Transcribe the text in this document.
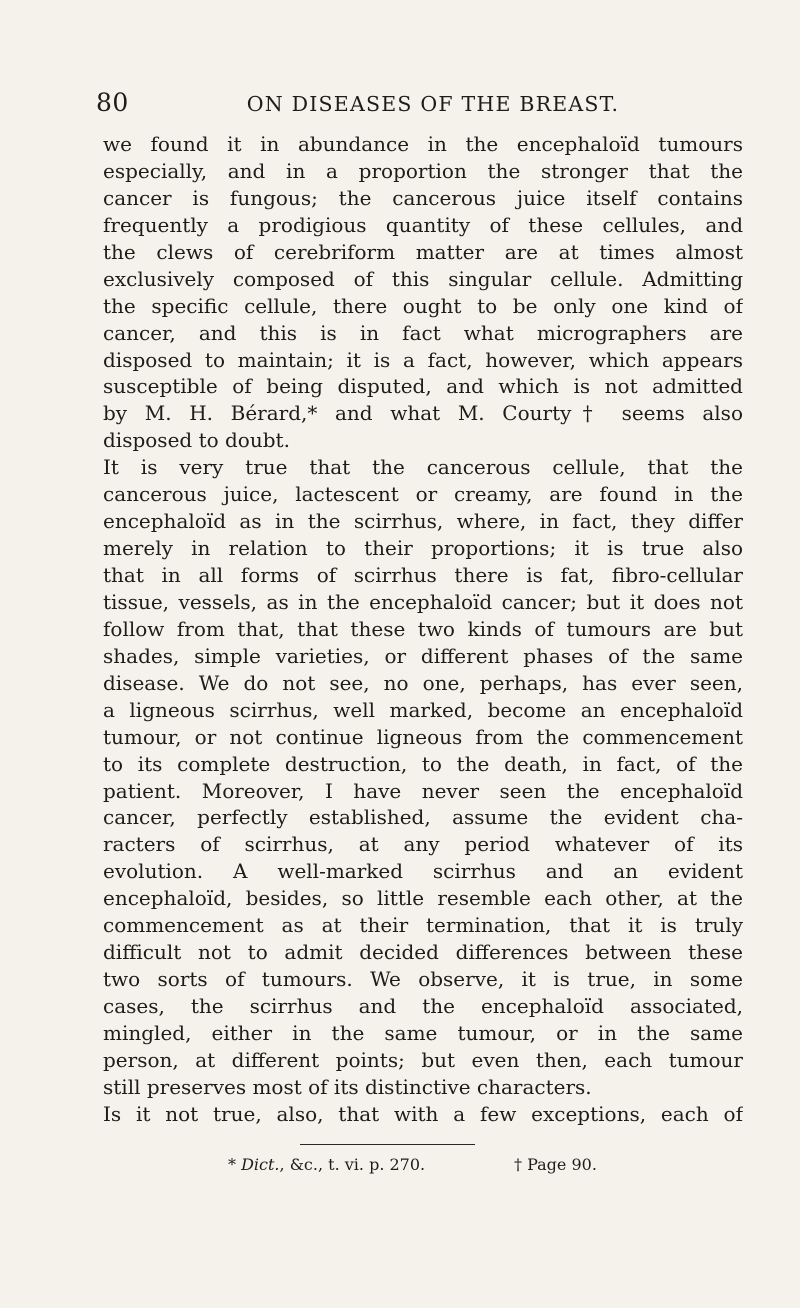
80	ON DISEASES OF THE BREAST.
we found it in abundance in the encephaloïd tumours
especially, and in a proportion the stronger that the
cancer is fungous; the cancerous juice itself contains
frequently a prodigious quantity of these cellules, and
the clews of cerebriform matter are at times almost
exclusively composed of this singular cellule. Admitting
the specific cellule, there ought to be only one kind of
cancer, and this is in fact what micrographers are
disposed to maintain; it is a fact, however, which appears
susceptible of being disputed, and which is not admitted
by M. H. Bérard,* and what M. Courty† seems also
disposed to doubt.
It is very true that the cancerous cellule, that the
cancerous juice, lactescent or creamy, are found in the
encephaloïd as in the scirrhus, where, in fact, they differ
merely in relation to their proportions; it is true also
that in all forms of scirrhus there is fat, fibro-cellular
tissue, vessels, as in the encephaloïd cancer; but it does not
follow from that, that these two kinds of tumours are but
shades, simple varieties, or different phases of the same
disease. We do not see, no one, perhaps, has ever seen,
a ligneous scirrhus, well marked, become an encephaloïd
tumour, or not continue ligneous from the commencement
to its complete destruction, to the death, in fact, of the
patient. Moreover, I have never seen the encephaloïd
cancer, perfectly established, assume the evident cha-
racters of scirrhus, at any period whatever of its
evolution. A well-marked scirrhus and an evident
encephaloïd, besides, so little resemble each other, at the
commencement as at their termination, that it is truly
difficult not to admit decided differences between these
two sorts of tumours. We observe, it is true, in some
cases, the scirrhus and the encephaloïd associated,
mingled, either in the same tumour, or in the same
person, at different points; but even then, each tumour
still preserves most of its distinctive characters.
Is it not true, also, that with a few exceptions, each of
* Dict., &c., t. vi. p. 270.	† Page 90.
